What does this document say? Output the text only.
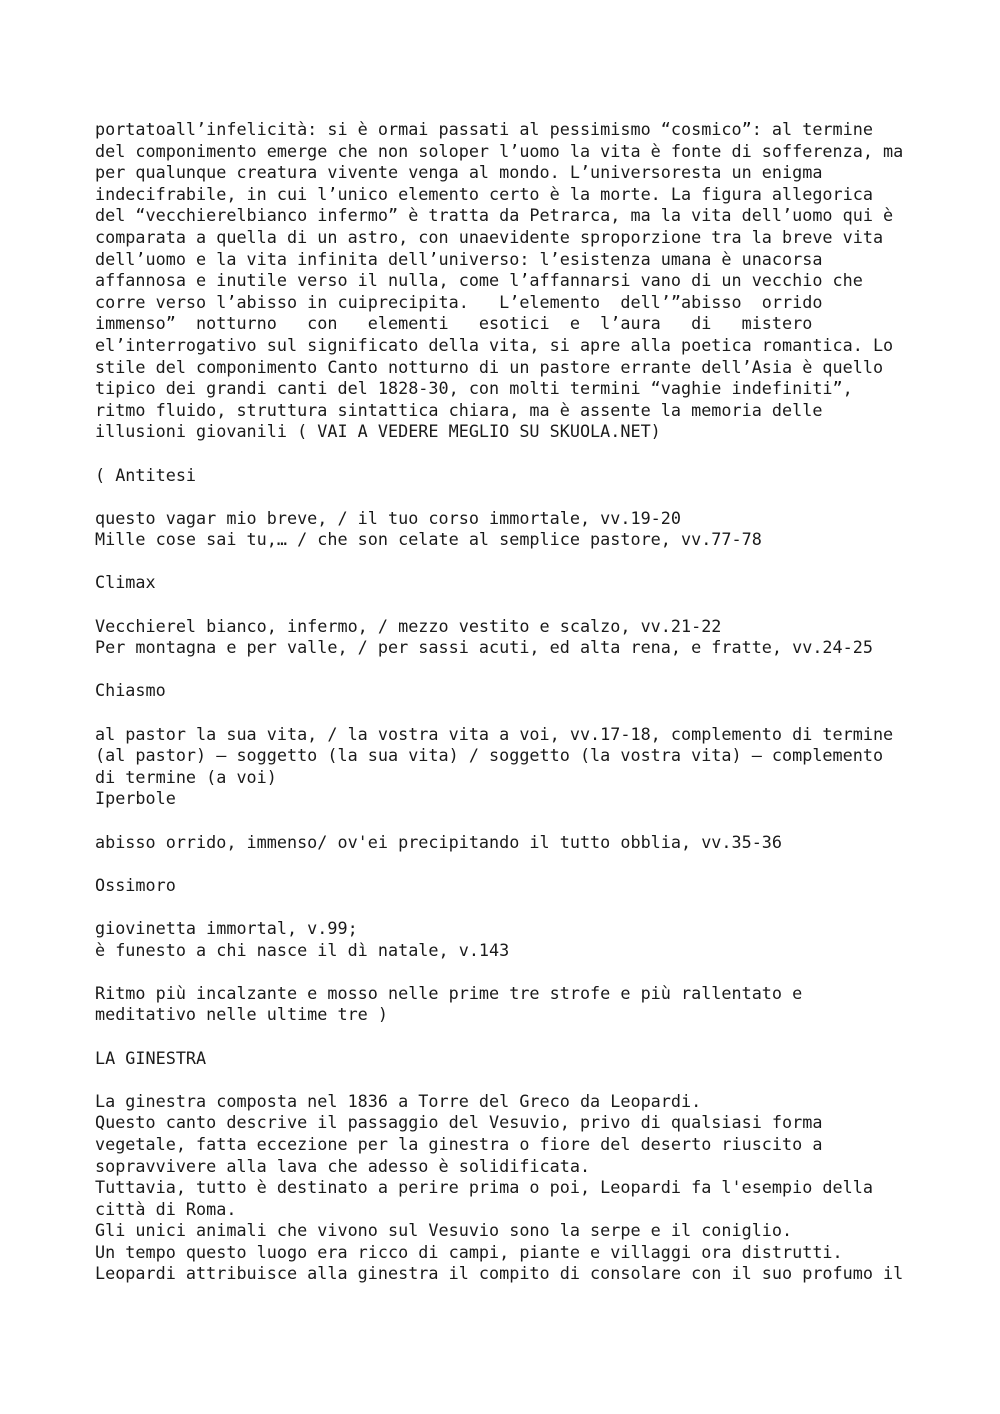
portatoall’infelicità: si è ormai passati al pessimismo “cosmico”: al termine
del componimento emerge che non soloper l’uomo la vita è fonte di sofferenza, ma
per qualunque creatura vivente venga al mondo. L’universoresta un enigma
indecifrabile, in cui l’unico elemento certo è la morte. La figura allegorica
del “vecchierelbianco infermo” è tratta da Petrarca, ma la vita dell’uomo qui è
comparata a quella di un astro, con unaevidente sproporzione tra la breve vita
dell’uomo e la vita infinita dell’universo: l’esistenza umana è unacorsa
affannosa e inutile verso il nulla, come l’affannarsi vano di un vecchio che
corre verso l’abisso in cuiprecipita.   L’elemento  dell’”abisso  orrido
immenso”  notturno   con   elementi   esotici  e  l’aura   di   mistero
el’interrogativo sul significato della vita, si apre alla poetica romantica. Lo
stile del componimento Canto notturno di un pastore errante dell’Asia è quello
tipico dei grandi canti del 1828-30, con molti termini “vaghie indefiniti”,
ritmo fluido, struttura sintattica chiara, ma è assente la memoria delle
illusioni giovanili ( VAI A VEDERE MEGLIO SU SKUOLA.NET)
( Antitesi
questo vagar mio breve, / il tuo corso immortale, vv.19-20
Mille cose sai tu,… / che son celate al semplice pastore, vv.77-78
Climax
Vecchierel bianco, infermo, / mezzo vestito e scalzo, vv.21-22
Per montagna e per valle, / per sassi acuti, ed alta rena, e fratte, vv.24-25
Chiasmo
al pastor la sua vita, / la vostra vita a voi, vv.17-18, complemento di termine
(al pastor) – soggetto (la sua vita) / soggetto (la vostra vita) – complemento
di termine (a voi)
Iperbole
abisso orrido, immenso/ ov'ei precipitando il tutto obblia, vv.35-36
Ossimoro
giovinetta immortal, v.99;
è funesto a chi nasce il dì natale, v.143
Ritmo più incalzante e mosso nelle prime tre strofe e più rallentato e
meditativo nelle ultime tre )
LA GINESTRA
La ginestra composta nel 1836 a Torre del Greco da Leopardi.
Questo canto descrive il passaggio del Vesuvio, privo di qualsiasi forma
vegetale, fatta eccezione per la ginestra o fiore del deserto riuscito a
sopravvivere alla lava che adesso è solidificata.
Tuttavia, tutto è destinato a perire prima o poi, Leopardi fa l'esempio della
città di Roma.
Gli unici animali che vivono sul Vesuvio sono la serpe e il coniglio.
Un tempo questo luogo era ricco di campi, piante e villaggi ora distrutti.
Leopardi attribuisce alla ginestra il compito di consolare con il suo profumo il
